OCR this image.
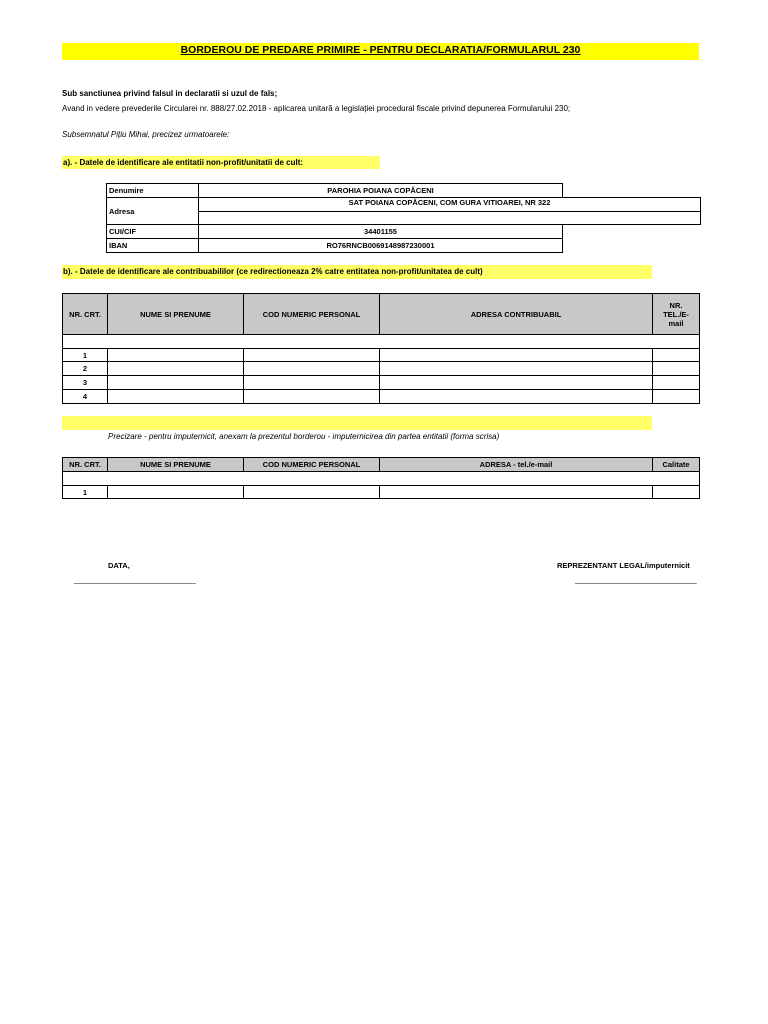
BORDEROU DE PREDARE PRIMIRE - PENTRU DECLARATIA/FORMULARUL 230
Sub sanctiunea privind falsul in declaratii si uzul de fals;
Avand in vedere prevederile Circularei nr. 888/27.02.2018 - aplicarea unitară a legislației procedural fiscale privind depunerea Formularului 230;
Subsemnatul Pițiu Mihai, precizez urmatoarele:
a). - Datele de identificare ale entitatii non-profit/unitatii de cult:
Denumire	PAROHIA POIANA COPĂCENI
Adresa	SAT POIANA COPĂCENI, COM GURA VITIOAREI, NR 322

CUI/CIF	34401155
IBAN	RO76RNCB0069148987230001
b). - Datele de identificare ale contribuabililor (ce redirectioneaza 2% catre entitatea non-profit/unitatea de cult)
NR. CRT.	NUME SI PRENUME	COD NUMERIC PERSONAL	ADRESA CONTRIBUABIL	NR. TEL./E-mail

1				
2				
3				
4				
Precizare - pentru imputernicit, anexam la prezentul borderou - imputernicirea din partea entitatii (forma scrisa)
NR. CRT.	NUME SI PRENUME	COD NUMERIC PERSONAL	ADRESA - tel./e-mail	Calitate

1				
DATA,
_________________________________
REPREZENTANT LEGAL/imputernicit
_________________________________
